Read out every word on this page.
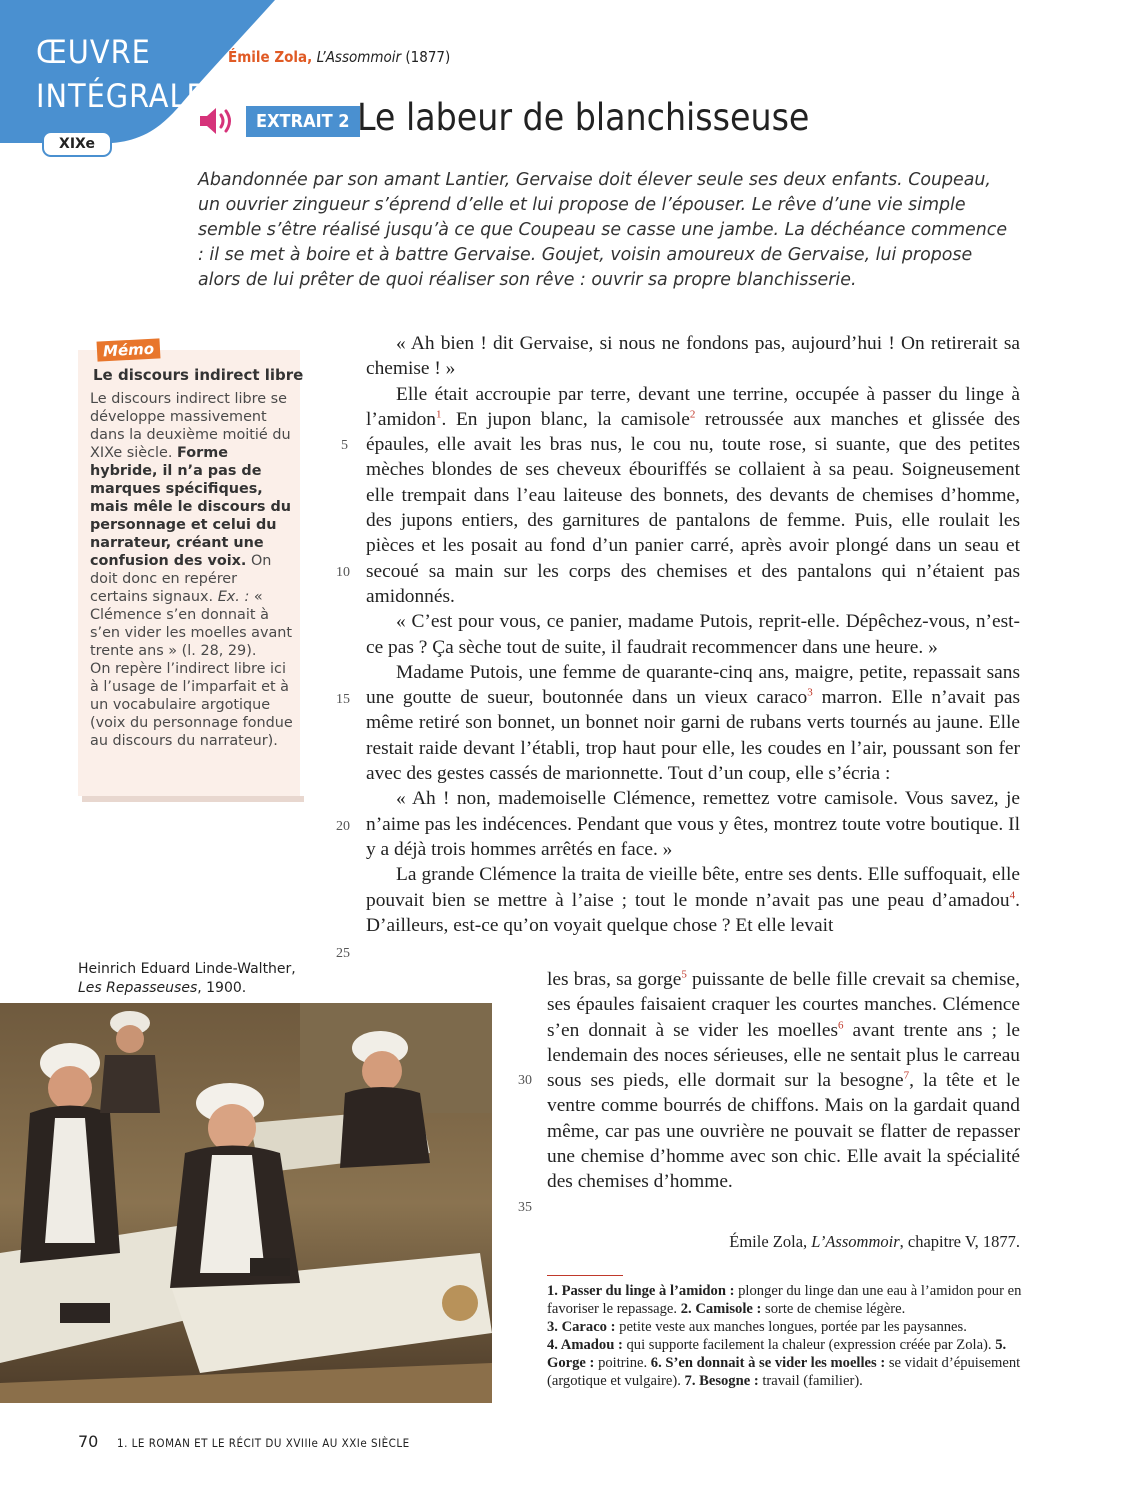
ŒUVRE
INTÉGRALE
XIXe
Émile Zola, L’Assommoir (1877)
EXTRAIT 2 Le labeur de blanchisseuse
Abandonnée par son amant Lantier, Gervaise doit élever seule ses deux enfants. Coupeau, un ouvrier zingueur s’éprend d’elle et lui propose de l’épouser. Le rêve d’une vie simple semble s’être réalisé jusqu’à ce que Coupeau se casse une jambe. La déchéance commence : il se met à boire et à battre Gervaise. Goujet, voisin amoureux de Gervaise, lui propose alors de lui prêter de quoi réaliser son rêve : ouvrir sa propre blanchisserie.
Mémo
Le discours indirect libre
Le discours indirect libre se développe massivement dans la deuxième moitié du XIXe siècle. Forme hybride, il n’a pas de marques spécifiques, mais mêle le discours du personnage et celui du narrateur, créant une confusion des voix. On doit donc en repérer certains signaux. Ex. : « Clémence s’en donnait à s’en vider les moelles avant trente ans » (l. 28, 29).
On repère l’indirect libre ici à l’usage de l’imparfait et à un vocabulaire argotique (voix du personnage fondue au discours du narrateur).
Heinrich Eduard Linde-Walther,
Les Repasseuses, 1900.

« Ah bien ! dit Gervaise, si nous ne fondons pas, aujourd’hui ! On retirerait sa chemise ! »

Elle était accroupie par terre, devant une terrine, occupée à passer du linge à l’amidon$^1$. En jupon blanc, la camisole$^2$ retroussée aux manches et glissée des épaules, elle avait les bras nus, le cou nu, toute rose, si suante, que des petites mèches blondes de ses cheveux ébouriffés se collaient à sa peau. Soigneusement elle trempait dans l’eau laiteuse des bonnets, des devants de chemises d’homme, des jupons entiers, des garnitures de pantalons de femme. Puis, elle roulait les pièces et les posait au fond d’un panier carré, après avoir plongé dans un seau et secoué sa main sur les corps des chemises et des pantalons qui n’étaient pas amidonnés.

« C’est pour vous, ce panier, madame Putois, reprit-elle. Dépêchez-vous, n’est-ce pas ? Ça sèche tout de suite, il faudrait recommencer dans une heure. »

Madame Putois, une femme de quarante-cinq ans, maigre, petite, repassait sans une goutte de sueur, boutonnée dans un vieux caraco$^3$ marron. Elle n’avait pas même retiré son bonnet, un bonnet noir garni de rubans verts tournés au jaune. Elle restait raide devant l’établi, trop haut pour elle, les coudes en l’air, poussant son fer avec des gestes cassés de marionnette. Tout d’un coup, elle s’écria :

« Ah ! non, mademoiselle Clémence, remettez votre camisole. Vous savez, je n’aime pas les indécences. Pendant que vous y êtes, montrez toute votre boutique. Il y a déjà trois hommes arrêtés en face. »

La grande Clémence la traita de vieille bête, entre ses dents. Elle suffoquait, elle pouvait bien se mettre à l’aise ; tout le monde n’avait pas une peau d’amadou$^4$. D’ailleurs, est-ce qu’on voyait quelque chose ? Et elle levait

les bras, sa gorge$^5$ puissante de belle fille crevait sa chemise, ses épaules faisaient craquer les courtes manches. Clémence s’en donnait à se vider les moelles$^6$ avant trente ans ; le lendemain des noces sérieuses, elle ne sentait plus le carreau sous ses pieds, elle dormait sur la besogne$^7$, la tête et le ventre comme bourrés de chiffons. Mais on la gardait quand même, car pas une ouvrière ne pouvait se flatter de repasser une chemise d’homme avec son chic. Elle avait la spécialité des chemises d’homme.

5
10
15
20
25
30
35
Émile Zola, L’Assommoir, chapitre V, 1877.
1. Passer du linge à l’amidon : plonger du linge dan une eau à l’amidon pour en favoriser le repassage. 2. Camisole : sorte de chemise légère.
3. Caraco : petite veste aux manches longues, portée par les paysannes.
4. Amadou : qui supporte facilement la chaleur (expression créée par Zola). 5. Gorge : poitrine. 6. S’en donnait à se vider les moelles : se vidait d’épuisement (argotique et vulgaire). 7. Besogne : travail (familier).
70 1. LE ROMAN ET LE RÉCIT DU XVIIIe AU XXIe SIÈCLE
